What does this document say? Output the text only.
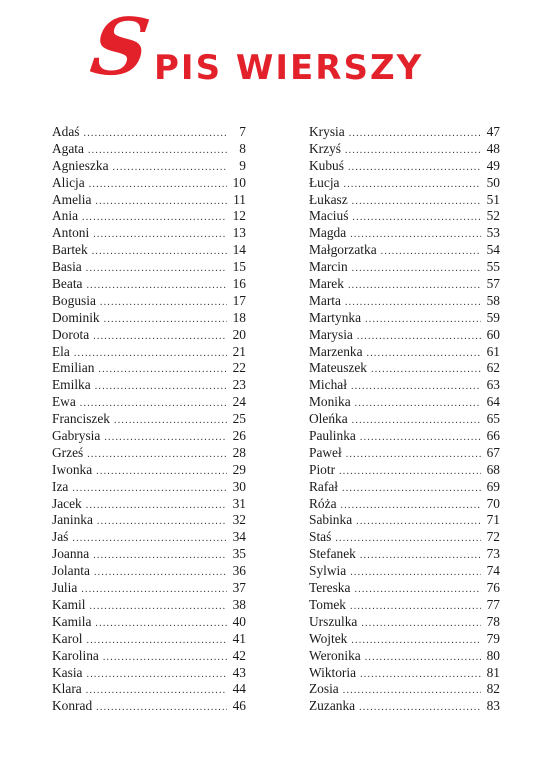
S PIS WIERSZY
Adaś .....	7
Agata .....	8
Agnieszka .....	9
Alicja .....	10
Amelia .....	11
Ania .....	12
Antoni .....	13
Bartek .....	14
Basia .....	15
Beata .....	16
Bogusia .....	17
Dominik .....	18
Dorota .....	20
Ela .....	21
Emilian .....	22
Emilka .....	23
Ewa .....	24
Franciszek .....	25
Gabrysia .....	26
Grześ .....	28
Iwonka .....	29
Iza .....	30
Jacek .....	31
Janinka .....	32
Jaś .....	34
Joanna .....	35
Jolanta .....	36
Julia .....	37
Kamil .....	38
Kamila .....	40
Karol .....	41
Karolina .....	42
Kasia .....	43
Klara .....	44
Konrad .....	46
Krysia .....	47
Krzyś .....	48
Kubuś .....	49
Łucja .....	50
Łukasz .....	51
Maciuś .....	52
Magda .....	53
Małgorzatka .....	54
Marcin .....	55
Marek .....	57
Marta .....	58
Martynka .....	59
Marysia .....	60
Marzenka .....	61
Mateuszek .....	62
Michał .....	63
Monika .....	64
Oleńka .....	65
Paulinka .....	66
Paweł .....	67
Piotr .....	68
Rafał .....	69
Róża .....	70
Sabinka .....	71
Staś .....	72
Stefanek .....	73
Sylwia .....	74
Tereska .....	76
Tomek .....	77
Urszulka .....	78
Wojtek .....	79
Weronika .....	80
Wiktoria .....	81
Zosia .....	82
Zuzanka .....	83
